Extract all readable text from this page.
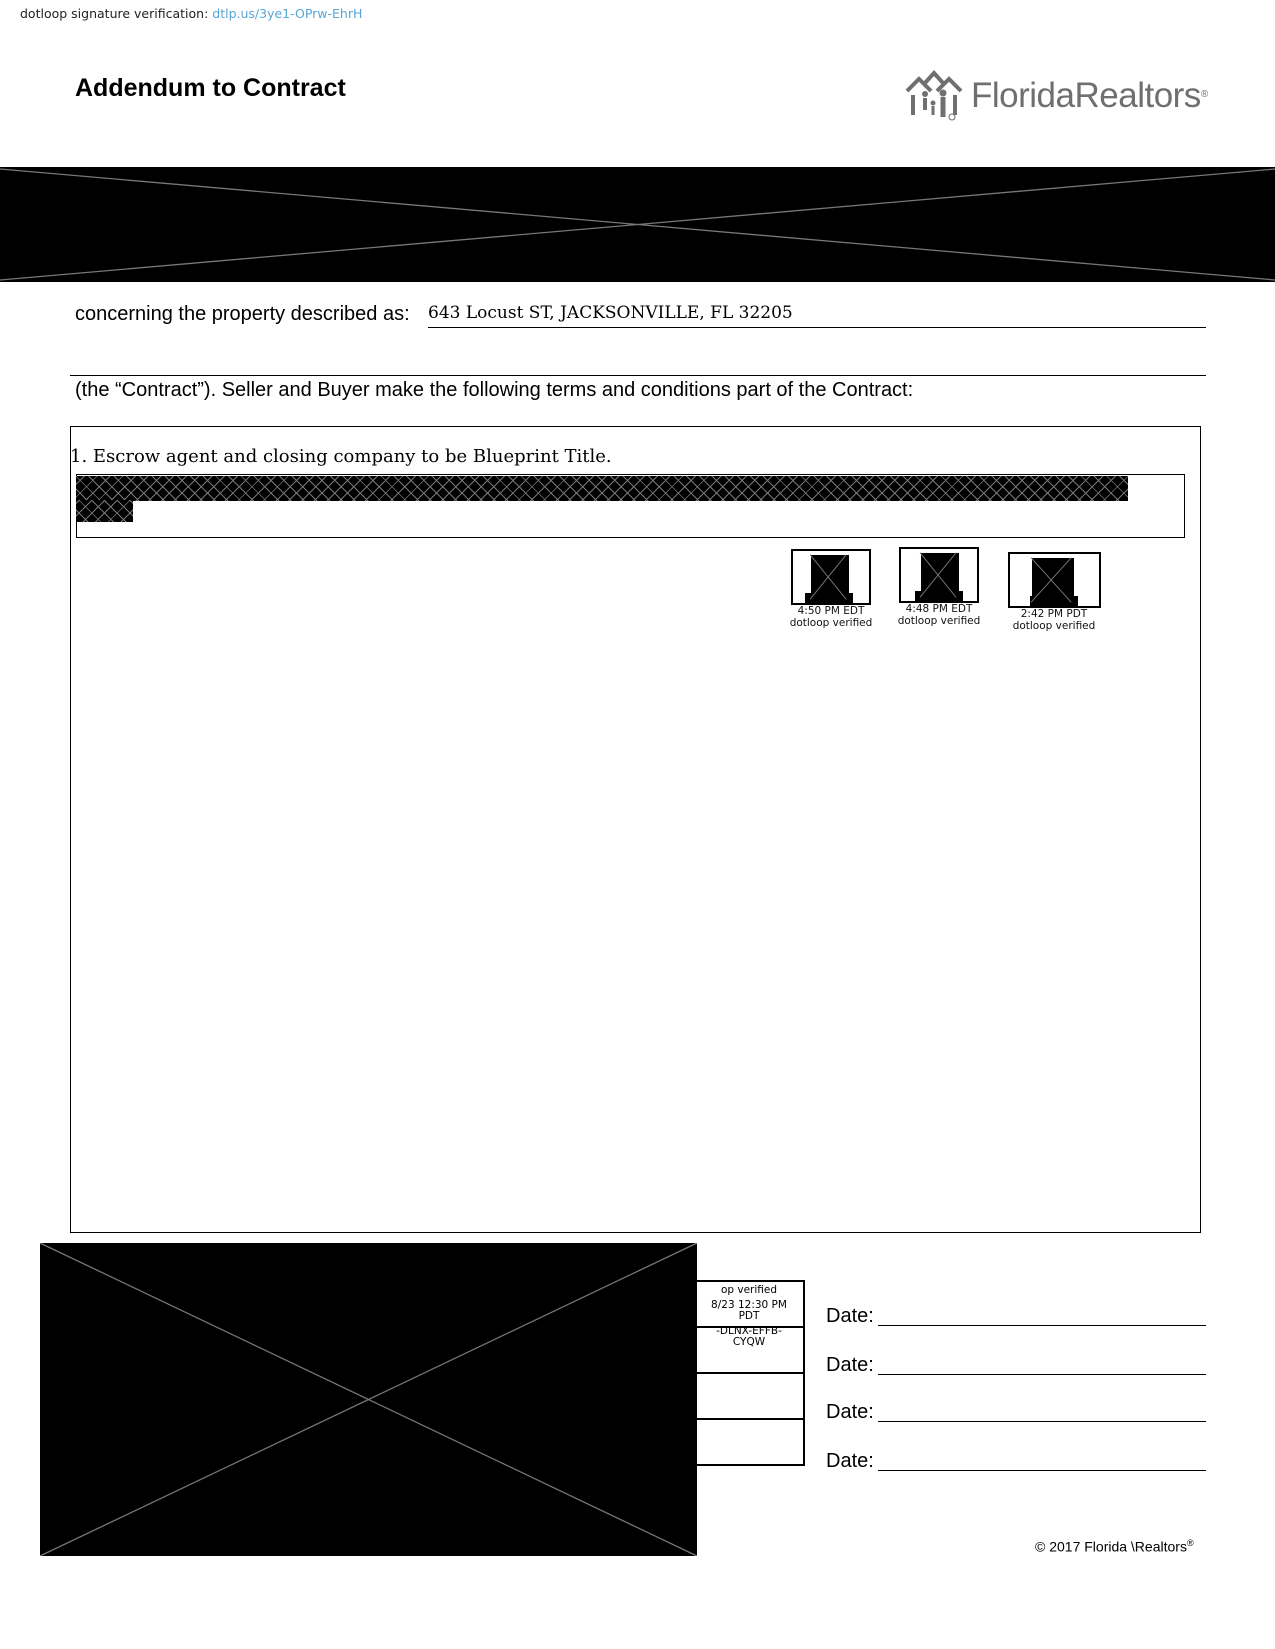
dotloop signature verification: dtlp.us/3ye1-OPrw-EhrH
Addendum to Contract	FloridaRealtors®
concerning the property described as: 643 Locust ST, JACKSONVILLE, FL 32205
(the “Contract”). Seller and Buyer make the following terms and conditions part of the Contract:
1. Escrow agent and closing company to be Blueprint Title.
4:50 PM EDT
dotloop verified
4:48 PM EDT
dotloop verified
2:42 PM PDT
dotloop verified
op verified
8/23 12:30 PM PDT
-DLNX-EFFB-CYQW
Date:
Date:
Date:
Date:
© 2017 Florida \Realtors®
